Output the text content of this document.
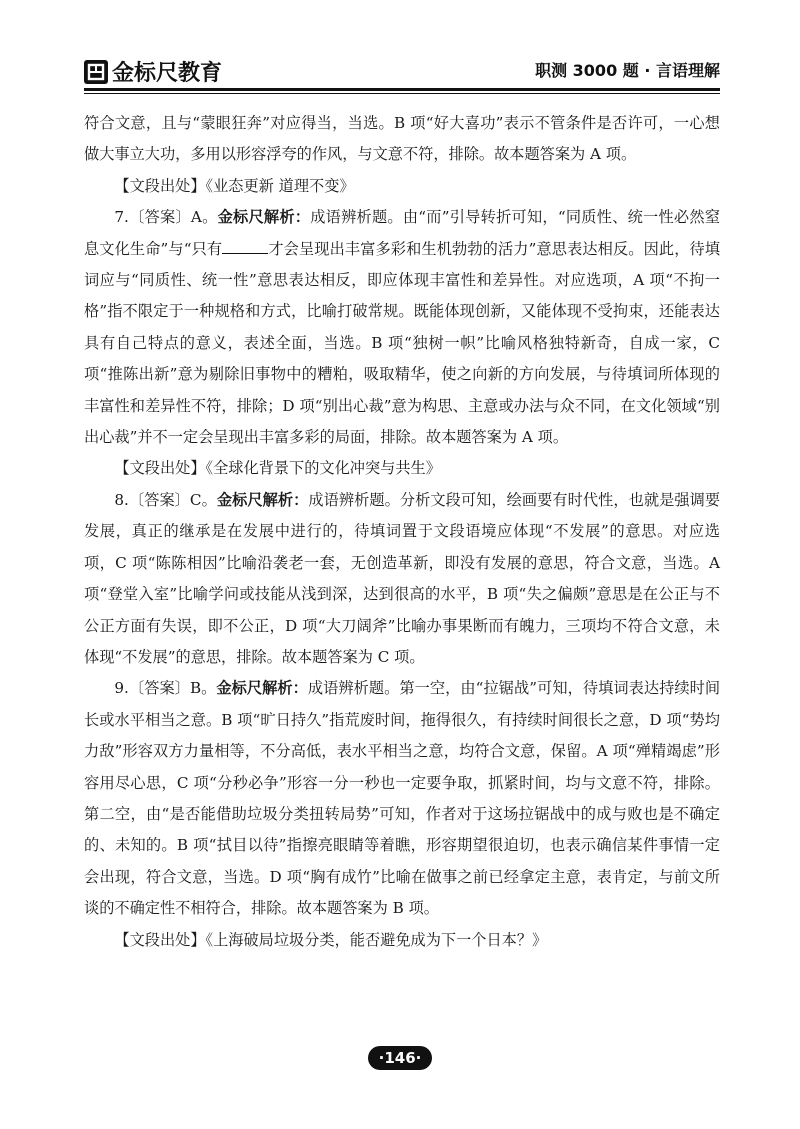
金标尺教育	职测 3000 题 · 言语理解

符合文意，且与“蒙眼狂奔”对应得当，当选。B 项“好大喜功”表示不管条件是否许可，一心想做大事立大功，多用以形容浮夸的作风，与文意不符，排除。故本题答案为 A 项。

【文段出处】《业态更新 道理不变》

7.〔答案〕A。金标尺解析：成语辨析题。由“而”引导转折可知，“同质性、统一性必然窒息文化生命”与“只有	才会呈现出丰富多彩和生机勃勃的活力”意思表达相反。因此，待填词应与“同质性、统一性”意思表达相反，即应体现丰富性和差异性。对应选项，A 项“不拘一格”指不限定于一种规格和方式，比喻打破常规。既能体现创新，又能体现不受拘束，还能表达具有自己特点的意义，表述全面，当选。B 项“独树一帜”比喻风格独特新奇，自成一家，C 项“推陈出新”意为剔除旧事物中的糟粕，吸取精华，使之向新的方向发展，与待填词所体现的丰富性和差异性不符，排除；D 项“别出心裁”意为构思、主意或办法与众不同，在文化领域“别出心裁”并不一定会呈现出丰富多彩的局面，排除。故本题答案为 A 项。

【文段出处】《全球化背景下的文化冲突与共生》

8.〔答案〕C。金标尺解析：成语辨析题。分析文段可知，绘画要有时代性，也就是强调要发展，真正的继承是在发展中进行的，待填词置于文段语境应体现“不发展”的意思。对应选项，C 项“陈陈相因”比喻沿袭老一套，无创造革新，即没有发展的意思，符合文意，当选。A 项“登堂入室”比喻学问或技能从浅到深，达到很高的水平，B 项“失之偏颇”意思是在公正与不公正方面有失误，即不公正，D 项“大刀阔斧”比喻办事果断而有魄力，三项均不符合文意，未体现“不发展”的意思，排除。故本题答案为 C 项。

9.〔答案〕B。金标尺解析：成语辨析题。第一空，由“拉锯战”可知，待填词表达持续时间长或水平相当之意。B 项“旷日持久”指荒废时间，拖得很久，有持续时间很长之意，D 项“势均力敌”形容双方力量相等，不分高低，表水平相当之意，均符合文意，保留。A 项“殚精竭虑”形容用尽心思，C 项“分秒必争”形容一分一秒也一定要争取，抓紧时间，均与文意不符，排除。第二空，由“是否能借助垃圾分类扭转局势”可知，作者对于这场拉锯战中的成与败也是不确定的、未知的。B 项“拭目以待”指擦亮眼睛等着瞧，形容期望很迫切，也表示确信某件事情一定会出现，符合文意，当选。D 项“胸有成竹”比喻在做事之前已经拿定主意，表肯定，与前文所谈的不确定性不相符合，排除。故本题答案为 B 项。

【文段出处】《上海破局垃圾分类，能否避免成为下一个日本？》

·146·
